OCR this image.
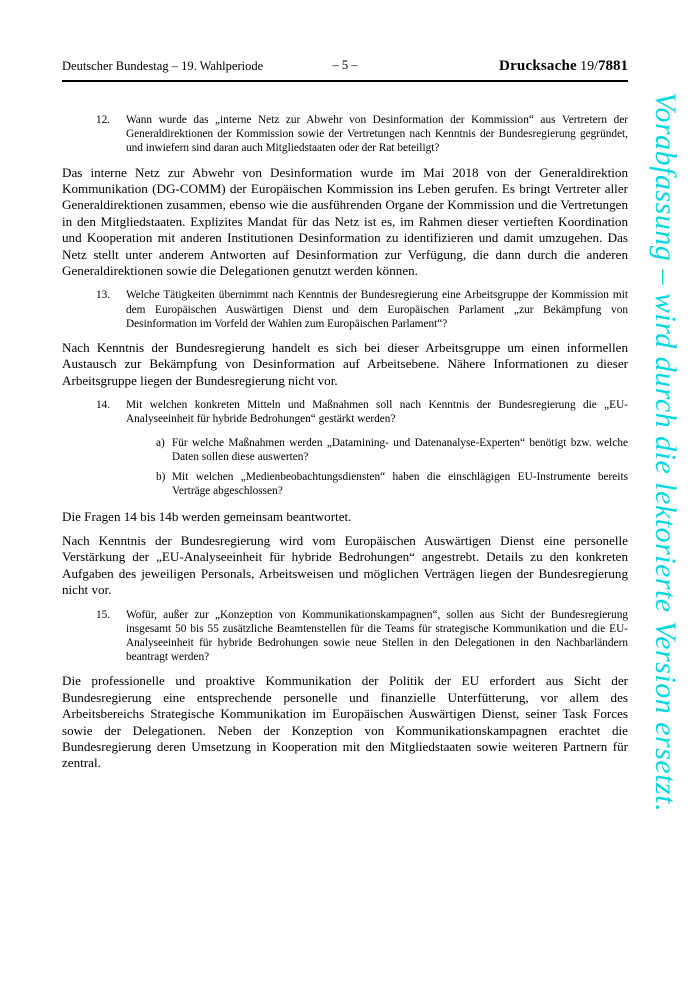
Deutscher Bundestag – 19. Wahlperiode	– 5 –	Drucksache 19/7881
12.	Wann wurde das „interne Netz zur Abwehr von Desinformation der Kommission“ aus Vertretern der Generaldirektionen der Kommission sowie der Vertretungen nach Kenntnis der Bundesregierung gegründet, und inwiefern sind daran auch Mitgliedstaaten oder der Rat beteiligt?

Das interne Netz zur Abwehr von Desinformation wurde im Mai 2018 von der Generaldirektion Kommunikation (DG-COMM) der Europäischen Kommission ins Leben gerufen. Es bringt Vertreter aller Generaldirektionen zusammen, ebenso wie die ausführenden Organe der Kommission und die Vertretungen in den Mitgliedstaaten. Explizites Mandat für das Netz ist es, im Rahmen dieser vertieften Koordination und Kooperation mit anderen Institutionen Desinformation zu identifizieren und damit umzugehen. Das Netz stellt unter anderem Antworten auf Desinformation zur Verfügung, die dann durch die anderen Generaldirektionen sowie die Delegationen genutzt werden können.

13.	Welche Tätigkeiten übernimmt nach Kenntnis der Bundesregierung eine Arbeitsgruppe der Kommission mit dem Europäischen Auswärtigen Dienst und dem Europäischen Parlament „zur Bekämpfung von Desinformation im Vorfeld der Wahlen zum Europäischen Parlament“?

Nach Kenntnis der Bundesregierung handelt es sich bei dieser Arbeitsgruppe um einen informellen Austausch zur Bekämpfung von Desinformation auf Arbeitsebene. Nähere Informationen zu dieser Arbeitsgruppe liegen der Bundesregierung nicht vor.

14.	Mit welchen konkreten Mitteln und Maßnahmen soll nach Kenntnis der Bundesregierung die „EU-Analyseeinheit für hybride Bedrohungen“ gestärkt werden?
a) Für welche Maßnahmen werden „Datamining- und Datenanalyse-Experten“ benötigt bzw. welche Daten sollen diese auswerten?
b) Mit welchen „Medienbeobachtungsdiensten“ haben die einschlägigen EU-Instrumente bereits Verträge abgeschlossen?

Die Fragen 14 bis 14b werden gemeinsam beantwortet.

Nach Kenntnis der Bundesregierung wird vom Europäischen Auswärtigen Dienst eine personelle Verstärkung der „EU-Analyseeinheit für hybride Bedrohungen“ angestrebt. Details zu den konkreten Aufgaben des jeweiligen Personals, Arbeitsweisen und möglichen Verträgen liegen der Bundesregierung nicht vor.

15.	Wofür, außer zur „Konzeption von Kommunikationskampagnen“, sollen aus Sicht der Bundesregierung insgesamt 50 bis 55 zusätzliche Beamtenstellen für die Teams für strategische Kommunikation und die EU-Analyseeinheit für hybride Bedrohungen sowie neue Stellen in den Delegationen in den Nachbarländern beantragt werden?

Die professionelle und proaktive Kommunikation der Politik der EU erfordert aus Sicht der Bundesregierung eine entsprechende personelle und finanzielle Unterfütterung, vor allem des Arbeitsbereichs Strategische Kommunikation im Europäischen Auswärtigen Dienst, seiner Task Forces sowie der Delegationen. Neben der Konzeption von Kommunikationskampagnen erachtet die Bundesregierung deren Umsetzung in Kooperation mit den Mitgliedstaaten sowie weiteren Partnern für zentral.	Vorabfassung – wird durch die lektorierte Version ersetzt.
